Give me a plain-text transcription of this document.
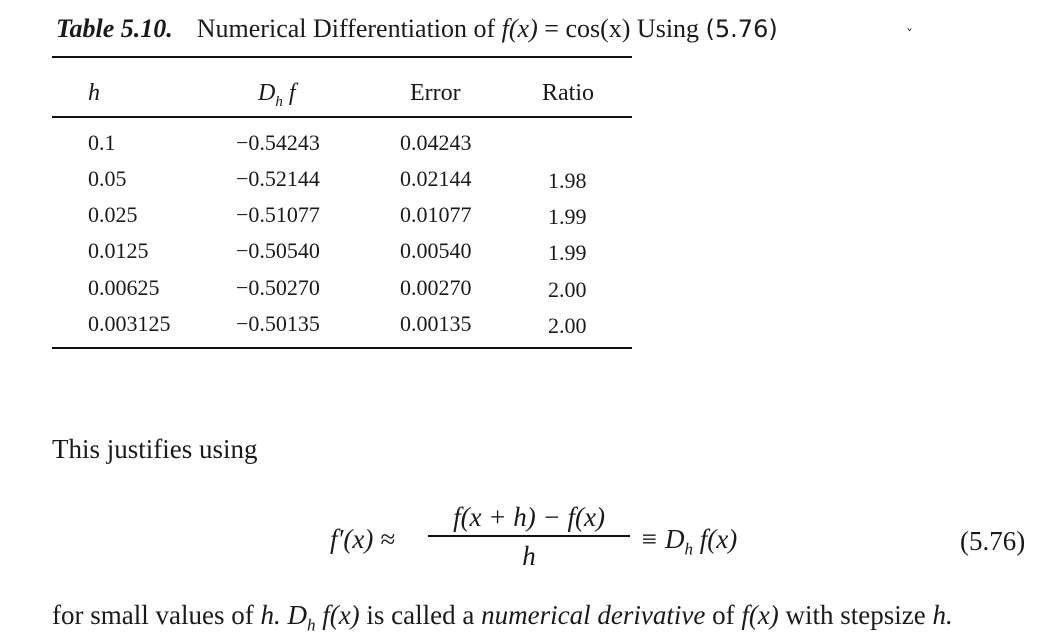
Table 5.10. Numerical Differentiation of f(x) = cos(x) Using (5.76)	ˇ
h	$D_h$ f	Error	Ratio
0.1	−0.54243	0.04243
0.05	−0.52144	0.02144	1.98
0.025	−0.51077	0.01077	1.99
0.0125	−0.50540	0.00540	1.99
0.00625	−0.50270	0.00270	2.00
0.003125	−0.50135	0.00135	2.00
This justifies using
f′(x) ≈
f(x + h) − f(x)
h
≡ $D_h$ f(x)	(5.76)
for small values of h. $D_h$ f(x) is called a numerical derivative of f(x) with stepsize h.
